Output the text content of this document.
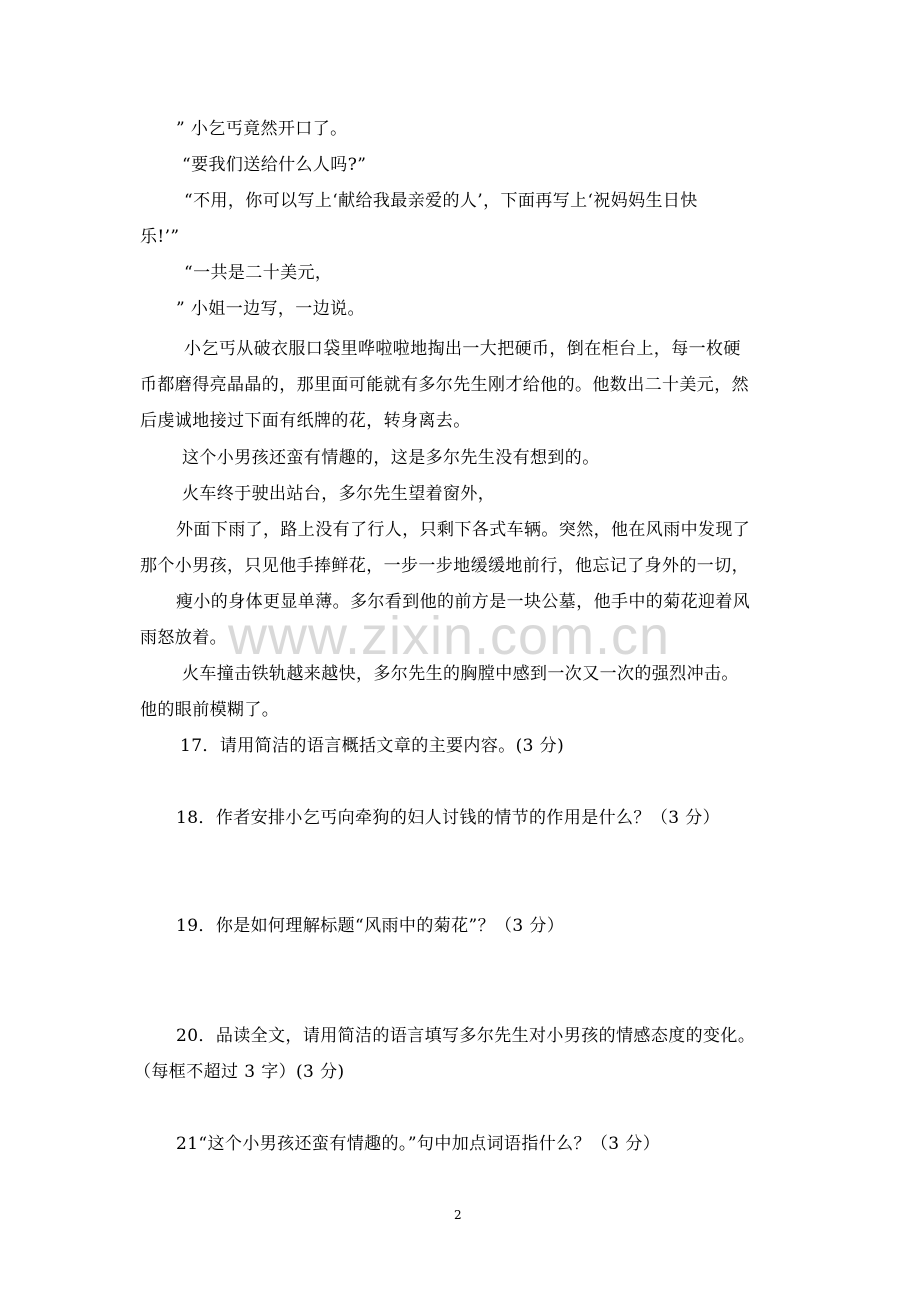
” 小乞丐竟然开口了。
“要我们送给什么人吗?”
“不用，你可以写上‘献给我最亲爱的人’，下面再写上‘祝妈妈生日快
乐!’”
“一共是二十美元，
” 小姐一边写，一边说。
小乞丐从破衣服口袋里哗啦啦地掏出一大把硬币，倒在柜台上，每一枚硬
币都磨得亮晶晶的，那里面可能就有多尔先生刚才给他的。他数出二十美元，然
后虔诚地接过下面有纸牌的花，转身离去。
这个小男孩还蛮有情趣的，这是多尔先生没有想到的。
火车终于驶出站台，多尔先生望着窗外，
外面下雨了，路上没有了行人，只剩下各式车辆。突然，他在风雨中发现了
那个小男孩，只见他手捧鲜花，一步一步地缓缓地前行，他忘记了身外的一切，
瘦小的身体更显单薄。多尔看到他的前方是一块公墓，他手中的菊花迎着风
雨怒放着。 www.zixin.com.cn
火车撞击铁轨越来越快，多尔先生的胸膛中感到一次又一次的强烈冲击。
他的眼前模糊了。
17．请用简洁的语言概括文章的主要内容。(3 分)
18．作者安排小乞丐向牵狗的妇人讨钱的情节的作用是什么？（3 分）
19．你是如何理解标题“风雨中的菊花”？（3 分）
20．品读全文，请用简洁的语言填写多尔先生对小男孩的情感态度的变化。
（每框不超过 3 字）(3 分)
21“这个小男孩还蛮有情趣的。”句中加点词语指什么？（3 分）
2
